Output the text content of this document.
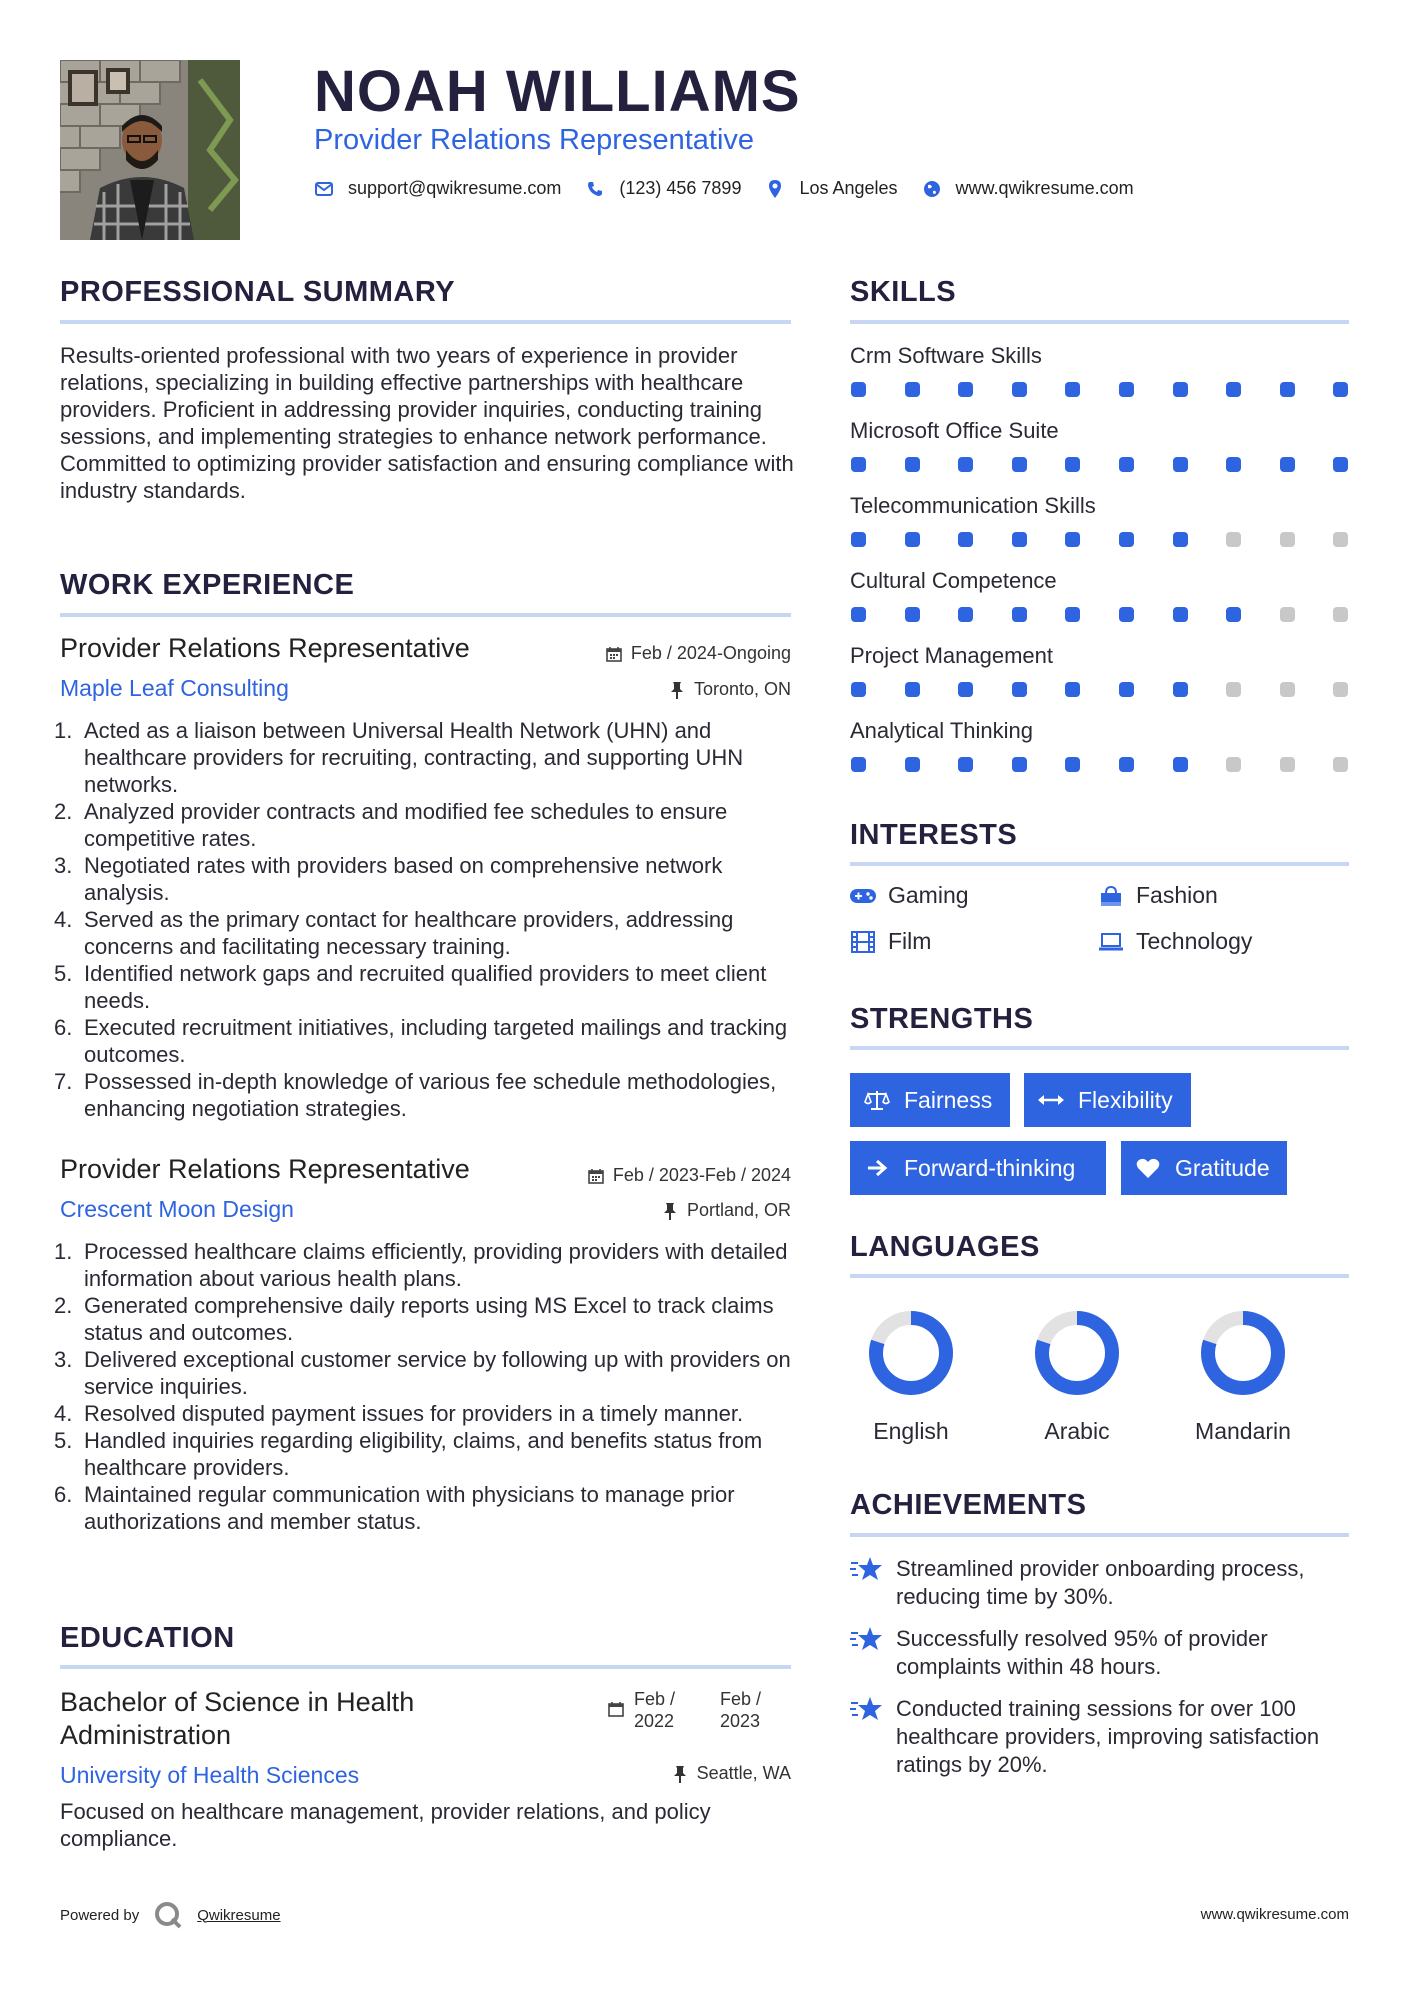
NOAH WILLIAMS
Provider Relations Representative
support@qwikresume.com	(123) 456 7899	Los Angeles	www.qwikresume.com
PROFESSIONAL SUMMARY
Results-oriented professional with two years of experience in provider relations, specializing in building effective partnerships with healthcare providers. Proficient in addressing provider inquiries, conducting training sessions, and implementing strategies to enhance network performance. Committed to optimizing provider satisfaction and ensuring compliance with industry standards.
WORK EXPERIENCE
Provider Relations Representative	Feb / 2024-Ongoing
Maple Leaf Consulting	Toronto, ON
1. Acted as a liaison between Universal Health Network (UHN) and healthcare providers for recruiting, contracting, and supporting UHN networks.
2. Analyzed provider contracts and modified fee schedules to ensure competitive rates.
3. Negotiated rates with providers based on comprehensive network analysis.
4. Served as the primary contact for healthcare providers, addressing concerns and facilitating necessary training.
5. Identified network gaps and recruited qualified providers to meet client needs.
6. Executed recruitment initiatives, including targeted mailings and tracking outcomes.
7. Possessed in-depth knowledge of various fee schedule methodologies, enhancing negotiation strategies.
Provider Relations Representative	Feb / 2023-Feb / 2024
Crescent Moon Design	Portland, OR
1. Processed healthcare claims efficiently, providing providers with detailed information about various health plans.
2. Generated comprehensive daily reports using MS Excel to track claims status and outcomes.
3. Delivered exceptional customer service by following up with providers on service inquiries.
4. Resolved disputed payment issues for providers in a timely manner.
5. Handled inquiries regarding eligibility, claims, and benefits status from healthcare providers.
6. Maintained regular communication with physicians to manage prior authorizations and member status.
EDUCATION
Bachelor of Science in Health Administration
Feb / 2022
Feb / 2023
University of Health Sciences	Seattle, WA
Focused on healthcare management, provider relations, and policy compliance.
SKILLS
Crm Software Skills
Microsoft Office Suite
Telecommunication Skills
Cultural Competence
Project Management
Analytical Thinking
INTERESTS
Gaming	Fashion
Film	Technology
STRENGTHS
Fairness	Flexibility
Forward-thinking	Gratitude
LANGUAGES
English	Arabic	Mandarin
ACHIEVEMENTS
Streamlined provider onboarding process, reducing time by 30%.
Successfully resolved 95% of provider complaints within 48 hours.
Conducted training sessions for over 100 healthcare providers, improving satisfaction ratings by 20%.
Powered by	Qwikresume	www.qwikresume.com
